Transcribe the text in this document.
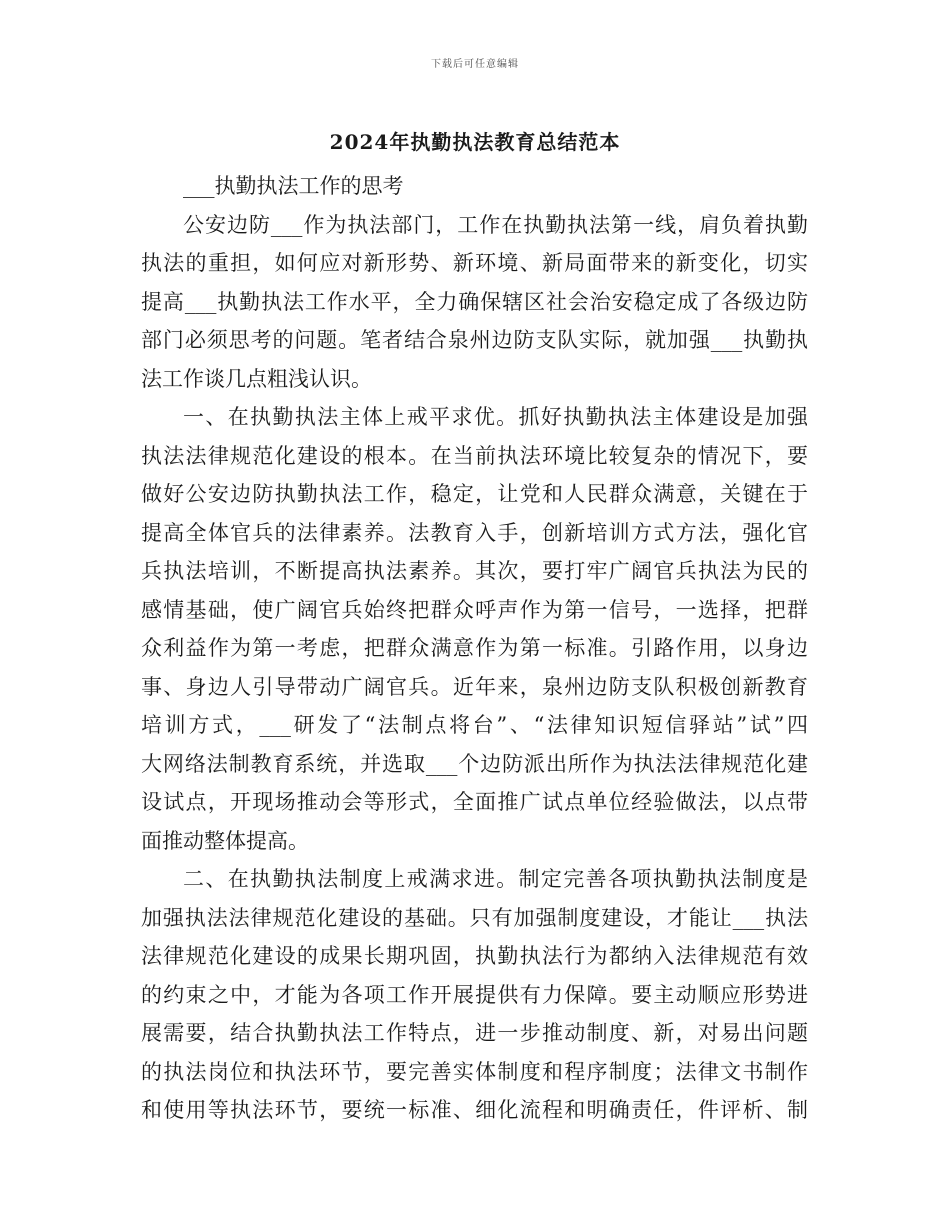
下载后可任意编辑
2024年执勤执法教育总结范本
___执勤执法工作的思考
公安边防___作为执法部门，工作在执勤执法第一线，肩负着执勤
执法的重担，如何应对新形势、新环境、新局面带来的新变化，切实
提高___执勤执法工作水平，全力确保辖区社会治安稳定成了各级边防
部门必须思考的问题。笔者结合泉州边防支队实际，就加强___执勤执
法工作谈几点粗浅认识。
一、在执勤执法主体上戒平求优。抓好执勤执法主体建设是加强
执法法律规范化建设的根本。在当前执法环境比较复杂的情况下，要
做好公安边防执勤执法工作，稳定，让党和人民群众满意，关键在于
提高全体官兵的法律素养。法教育入手，创新培训方式方法，强化官
兵执法培训，不断提高执法素养。其次，要打牢广阔官兵执法为民的
感情基础，使广阔官兵始终把群众呼声作为第一信号，一选择，把群
众利益作为第一考虑，把群众满意作为第一标准。引路作用，以身边
事、身边人引导带动广阔官兵。近年来，泉州边防支队积极创新教育
培训方式，___研发了“法制点将台”、“法律知识短信驿站”试”四
大网络法制教育系统，并选取___个边防派出所作为执法法律规范化建
设试点，开现场推动会等形式，全面推广试点单位经验做法，以点带
面推动整体提高。
二、在执勤执法制度上戒满求进。制定完善各项执勤执法制度是
加强执法法律规范化建设的基础。只有加强制度建设，才能让___执法
法律规范化建设的成果长期巩固，执勤执法行为都纳入法律规范有效
的约束之中，才能为各项工作开展提供有力保障。要主动顺应形势进
展需要，结合执勤执法工作特点，进一步推动制度、新，对易出问题
的执法岗位和执法环节，要完善实体制度和程序制度；法律文书制作
和使用等执法环节，要统一标准、细化流程和明确责任，件评析、制
